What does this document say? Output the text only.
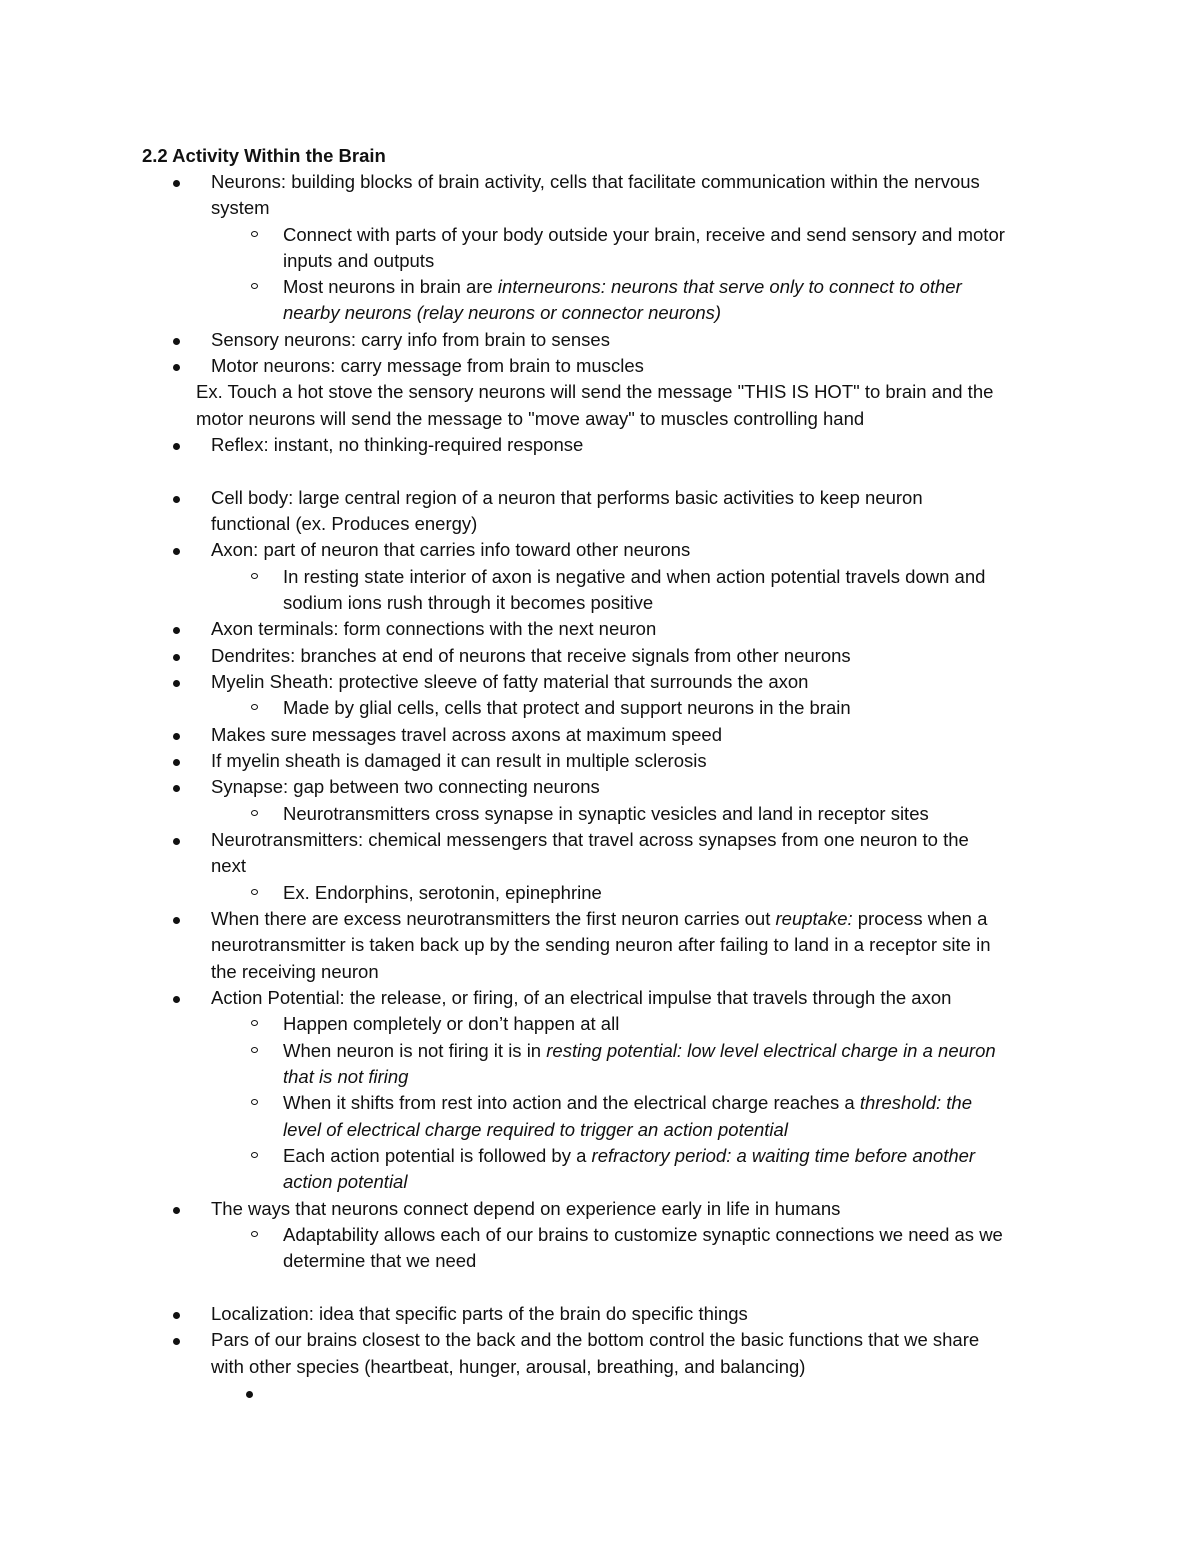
2.2 Activity Within the Brain
Neurons: building blocks of brain activity, cells that facilitate communication within the nervous
system
Connect with parts of your body outside your brain, receive and send sensory and motor
inputs and outputs
Most neurons in brain are interneurons: neurons that serve only to connect to other
nearby neurons (relay neurons or connector neurons)
Sensory neurons: carry info from brain to senses
Motor neurons: carry message from brain to muscles
Ex. Touch a hot stove the sensory neurons will send the message "THIS IS HOT" to brain and the
motor neurons will send the message to "move away" to muscles controlling hand
Reflex: instant, no thinking-required response
Cell body: large central region of a neuron that performs basic activities to keep neuron
functional (ex. Produces energy)
Axon: part of neuron that carries info toward other neurons
In resting state interior of axon is negative and when action potential travels down and
sodium ions rush through it becomes positive
Axon terminals: form connections with the next neuron
Dendrites: branches at end of neurons that receive signals from other neurons
Myelin Sheath: protective sleeve of fatty material that surrounds the axon
Made by glial cells, cells that protect and support neurons in the brain
Makes sure messages travel across axons at maximum speed
If myelin sheath is damaged it can result in multiple sclerosis
Synapse: gap between two connecting neurons
Neurotransmitters cross synapse in synaptic vesicles and land in receptor sites
Neurotransmitters: chemical messengers that travel across synapses from one neuron to the
next
Ex. Endorphins, serotonin, epinephrine
When there are excess neurotransmitters the first neuron carries out reuptake: process when a
neurotransmitter is taken back up by the sending neuron after failing to land in a receptor site in
the receiving neuron
Action Potential: the release, or firing, of an electrical impulse that travels through the axon
Happen completely or don’t happen at all
When neuron is not firing it is in resting potential: low level electrical charge in a neuron
that is not firing
When it shifts from rest into action and the electrical charge reaches a threshold: the
level of electrical charge required to trigger an action potential
Each action potential is followed by a refractory period: a waiting time before another
action potential
The ways that neurons connect depend on experience early in life in humans
Adaptability allows each of our brains to customize synaptic connections we need as we
determine that we need
Localization: idea that specific parts of the brain do specific things
Pars of our brains closest to the back and the bottom control the basic functions that we share
with other species (heartbeat, hunger, arousal, breathing, and balancing)
